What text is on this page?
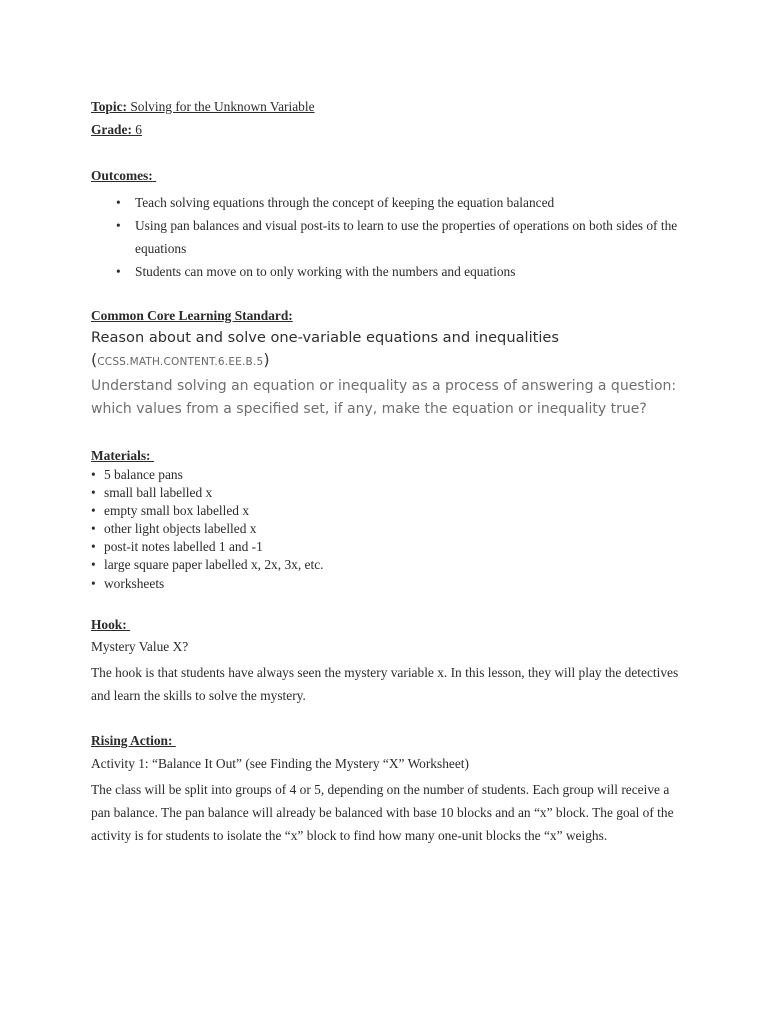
Topic: Solving for the Unknown Variable
Grade: 6
Outcomes:
• Teach solving equations through the concept of keeping the equation balanced
• Using pan balances and visual post-its to learn to use the properties of operations on both sides of the equations
• Students can move on to only working with the numbers and equations
Common Core Learning Standard:
Reason about and solve one-variable equations and inequalities
(CCSS.MATH.CONTENT.6.EE.B.5)
Understand solving an equation or inequality as a process of answering a question: which values from a specified set, if any, make the equation or inequality true?
Materials:
• 5 balance pans
• small ball labelled x
• empty small box labelled x
• other light objects labelled x
• post-it notes labelled 1 and -1
• large square paper labelled x, 2x, 3x, etc.
• worksheets
Hook:
Mystery Value X?
The hook is that students have always seen the mystery variable x. In this lesson, they will play the detectives and learn the skills to solve the mystery.
Rising Action:
Activity 1: “Balance It Out” (see Finding the Mystery “X” Worksheet)
The class will be split into groups of 4 or 5, depending on the number of students. Each group will receive a pan balance. The pan balance will already be balanced with base 10 blocks and an “x” block. The goal of the activity is for students to isolate the “x” block to find how many one-unit blocks the “x” weighs.
